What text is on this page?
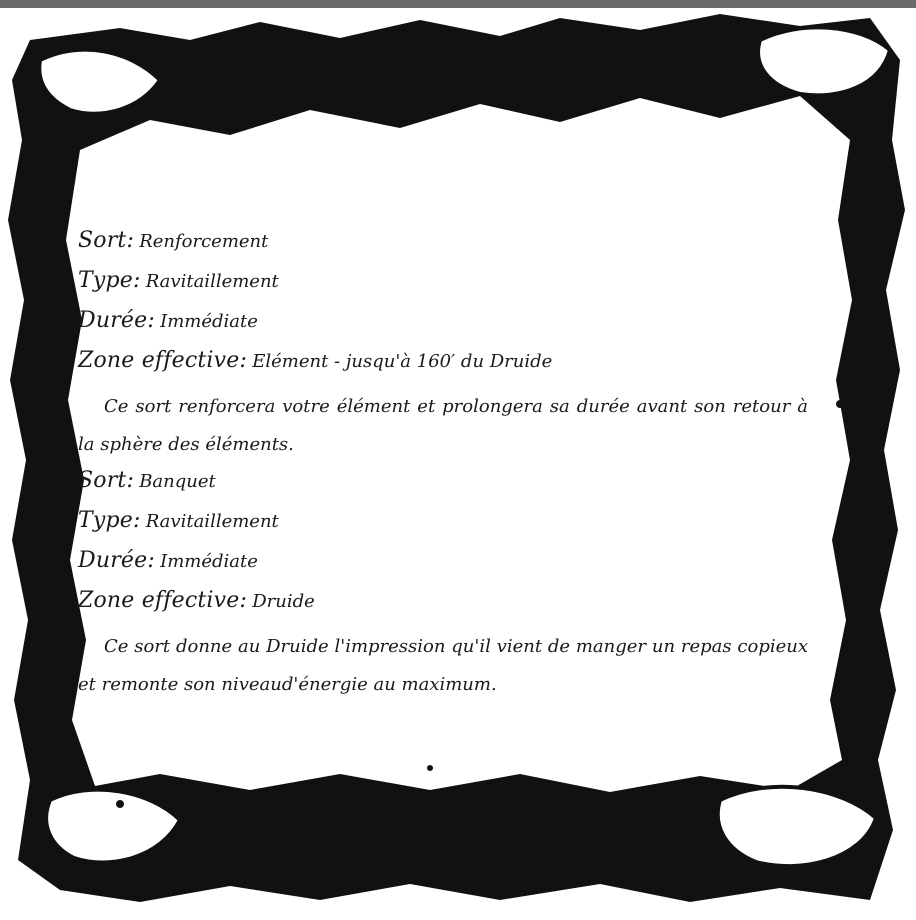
Sort: Renforcement
Type: Ravitaillement
Durée: Immédiate
Zone effective: Elément - jusqu'à 160′ du Druide
Ce sort renforcera votre élément et prolongera sa durée avant son retour à la sphère des éléments.
Sort: Banquet
Type: Ravitaillement
Durée: Immédiate
Zone effective: Druide
Ce sort donne au Druide l'impression qu'il vient de manger un repas copieux et remonte son niveaud'énergie au maximum.
